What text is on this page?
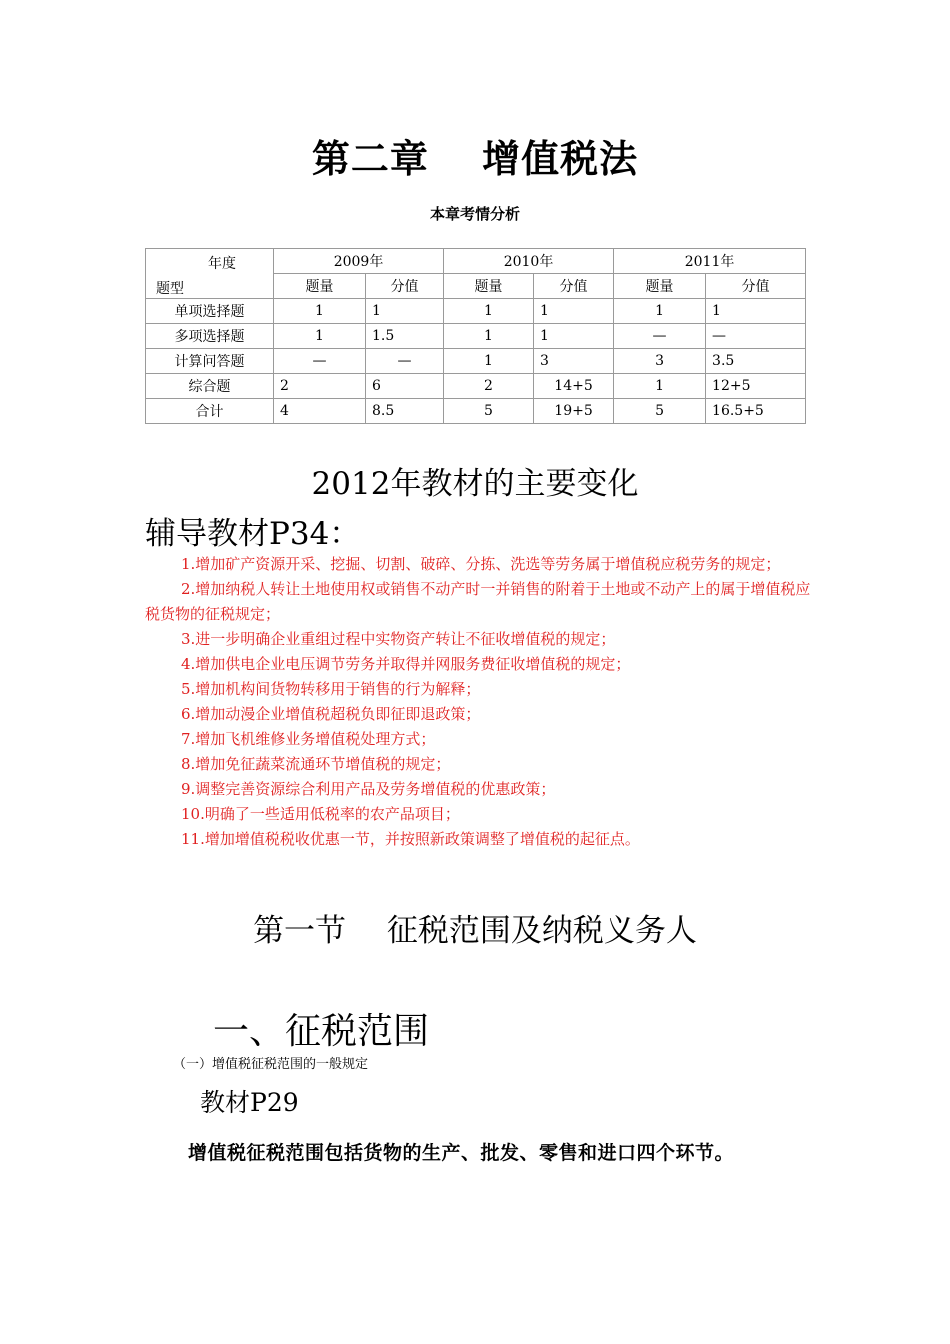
第二章　 增值税法
本章考情分析
年度
题型	2009年		2010年		2011年	
	题量	分值	题量	分值	题量	分值
单项选择题	1	1	1	1	1	1
多项选择题	1	1.5	1	1	—	—
计算问答题	—	—	1	3	3	3.5
综合题	2	6	2	14+5	1	12+5
合计	4	8.5	5	19+5	5	16.5+5
2012年教材的主要变化
辅导教材P34：
1.增加矿产资源开采、挖掘、切割、破碎、分拣、洗选等劳务属于增值税应税劳务的规定；
2.增加纳税人转让土地使用权或销售不动产时一并销售的附着于土地或不动产上的属于增值税应税货物的征税规定；
3.进一步明确企业重组过程中实物资产转让不征收增值税的规定；
4.增加供电企业电压调节劳务并取得并网服务费征收增值税的规定；
5.增加机构间货物转移用于销售的行为解释；
6.增加动漫企业增值税超税负即征即退政策；
7.增加飞机维修业务增值税处理方式；
8.增加免征蔬菜流通环节增值税的规定；
9.调整完善资源综合利用产品及劳务增值税的优惠政策；
10.明确了一些适用低税率的农产品项目；
11.增加增值税税收优惠一节，并按照新政策调整了增值税的起征点。
第一节　 征税范围及纳税义务人
一、征税范围
（一）增值税征税范围的一般规定
教材P29
增值税征税范围包括货物的生产、批发、零售和进口四个环节。
